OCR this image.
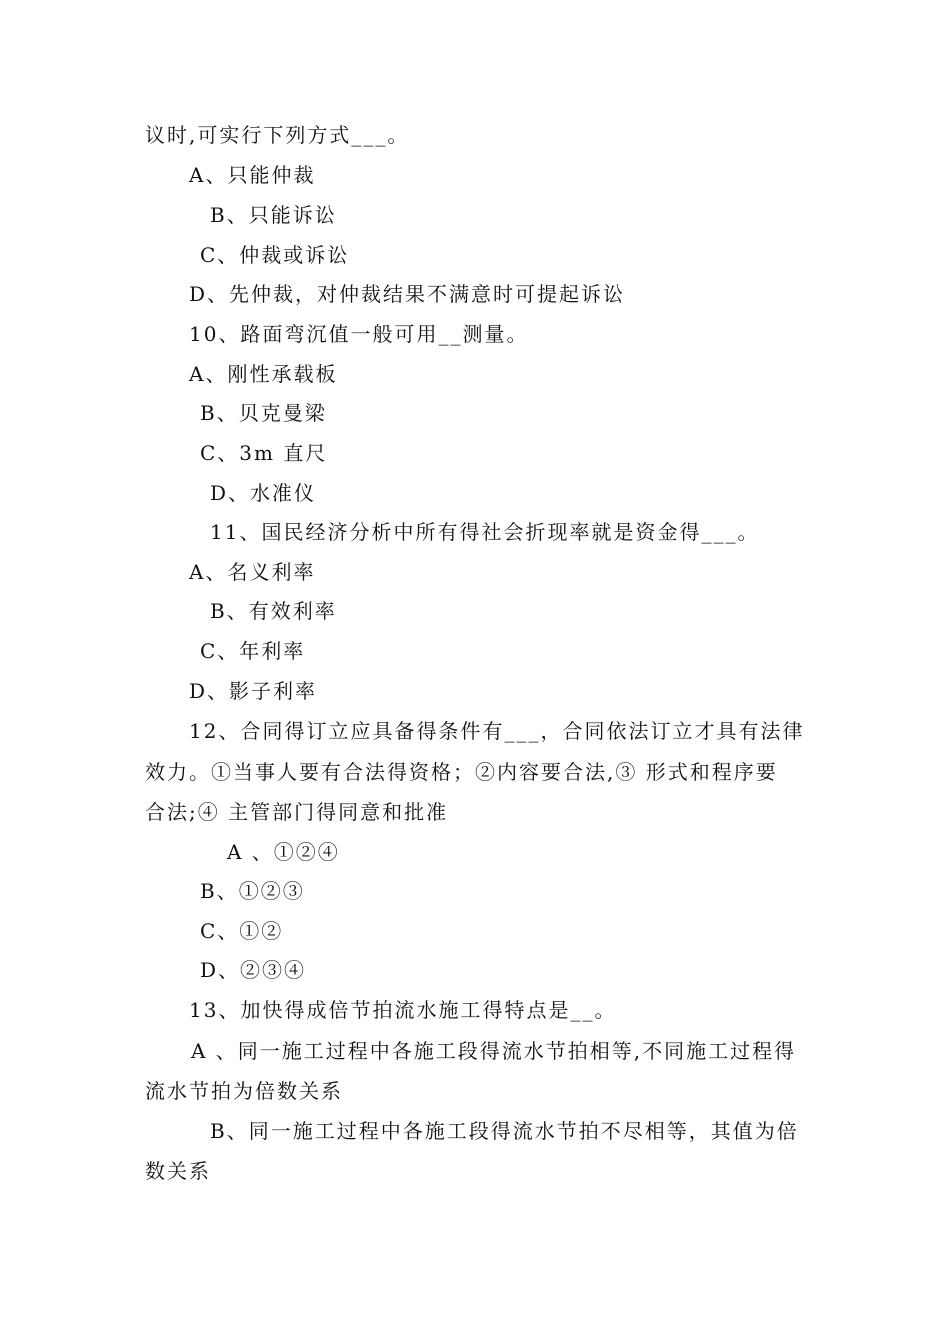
议时,可实行下列方式___。
A、只能仲裁
B、只能诉讼
C、仲裁或诉讼
D、先仲裁，对仲裁结果不满意时可提起诉讼
10、路面弯沉值一般可用__测量。
A、刚性承载板
B、贝克曼梁
C、3m 直尺
D、水准仪
11、国民经济分析中所有得社会折现率就是资金得___。
A、名义利率
B、有效利率
C、年利率
D、影子利率
12、合同得订立应具备得条件有___，合同依法订立才具有法律
效力。①当事人要有合法得资格；②内容要合法,③ 形式和程序要
合法;④ 主管部门得同意和批准
A 、①②④
B、①②③
C、①②
D、②③④
13、加快得成倍节拍流水施工得特点是__。
A 、同一施工过程中各施工段得流水节拍相等,不同施工过程得
流水节拍为倍数关系
B、同一施工过程中各施工段得流水节拍不尽相等，其值为倍
数关系
